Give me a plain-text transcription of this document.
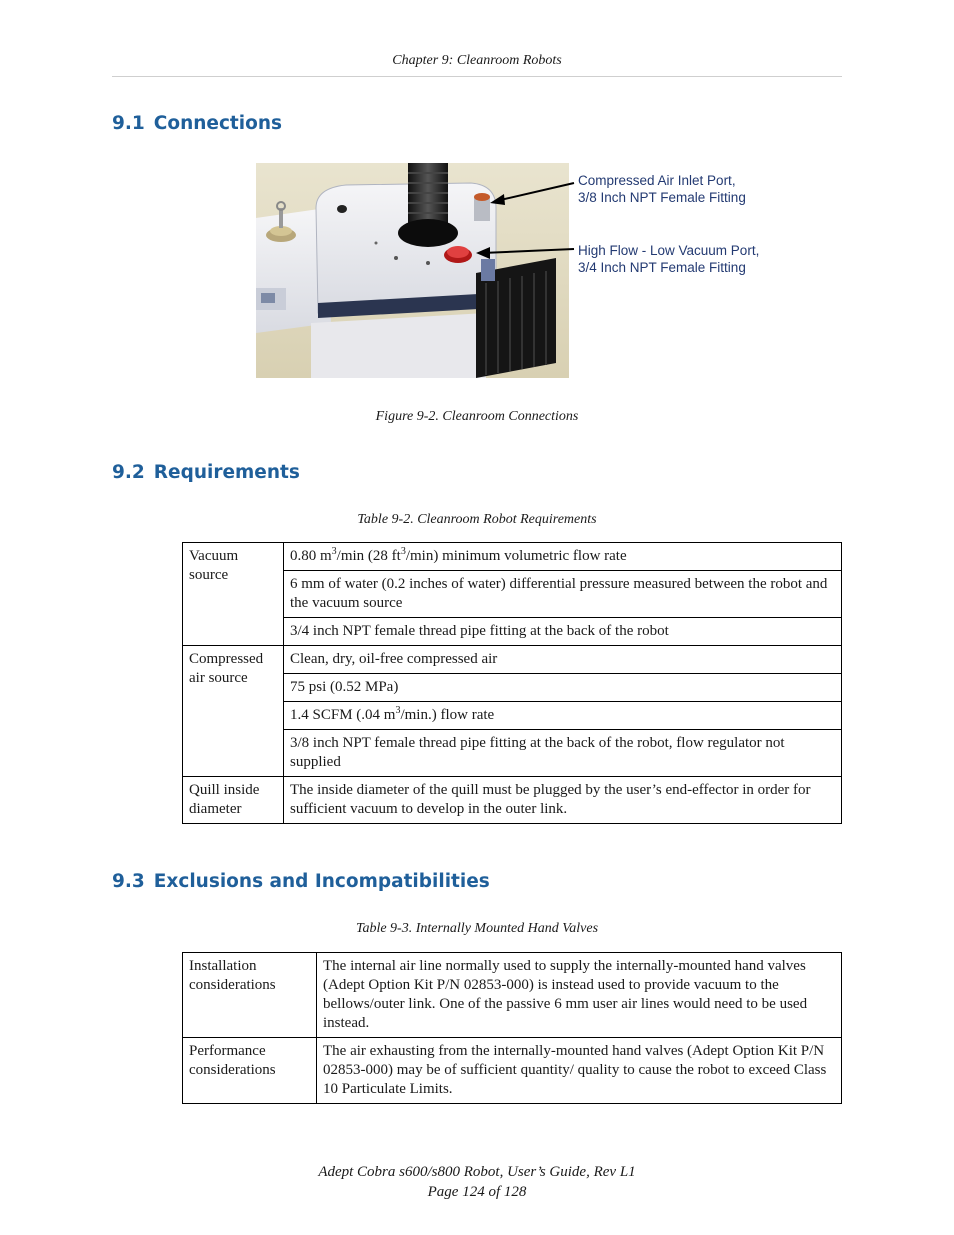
Chapter 9: Cleanroom Robots
9.1 Connections
Compressed Air Inlet Port,
3/8 Inch NPT Female Fitting
High Flow - Low Vacuum Port,
3/4 Inch NPT Female Fitting
Figure 9-2. Cleanroom Connections
9.2 Requirements
Table 9-2. Cleanroom Robot Requirements
Vacuum source	0.80 $m^3/\min$ (28 $ft^3/\min$) minimum volumetric flow rate
	6 mm of water (0.2 inches of water) differential pressure measured between the robot and the vacuum source
	3/4 inch NPT female thread pipe fitting at the back of the robot
Compressed air source	Clean, dry, oil-free compressed air
	75 psi (0.52 MPa)
	1.4 SCFM (.04 $m^3/\min$.) flow rate
	3/8 inch NPT female thread pipe fitting at the back of the robot, flow regulator not supplied
Quill inside diameter	The inside diameter of the quill must be plugged by the user’s end-effector in order for sufficient vacuum to develop in the outer link.
9.3 Exclusions and Incompatibilities
Table 9-3. Internally Mounted Hand Valves
Installation considerations	The internal air line normally used to supply the internally-mounted hand valves (Adept Option Kit P/N 02853-000) is instead used to provide vacuum to the bellows/outer link. One of the passive 6 mm user air lines would need to be used instead.
Performance considerations	The air exhausting from the internally-mounted hand valves (Adept Option Kit P/N 02853-000) may be of sufficient quantity/ quality to cause the robot to exceed Class 10 Particulate Limits.
Adept Cobra s600/s800 Robot, User’s Guide, Rev L1
Page 124 of 128
